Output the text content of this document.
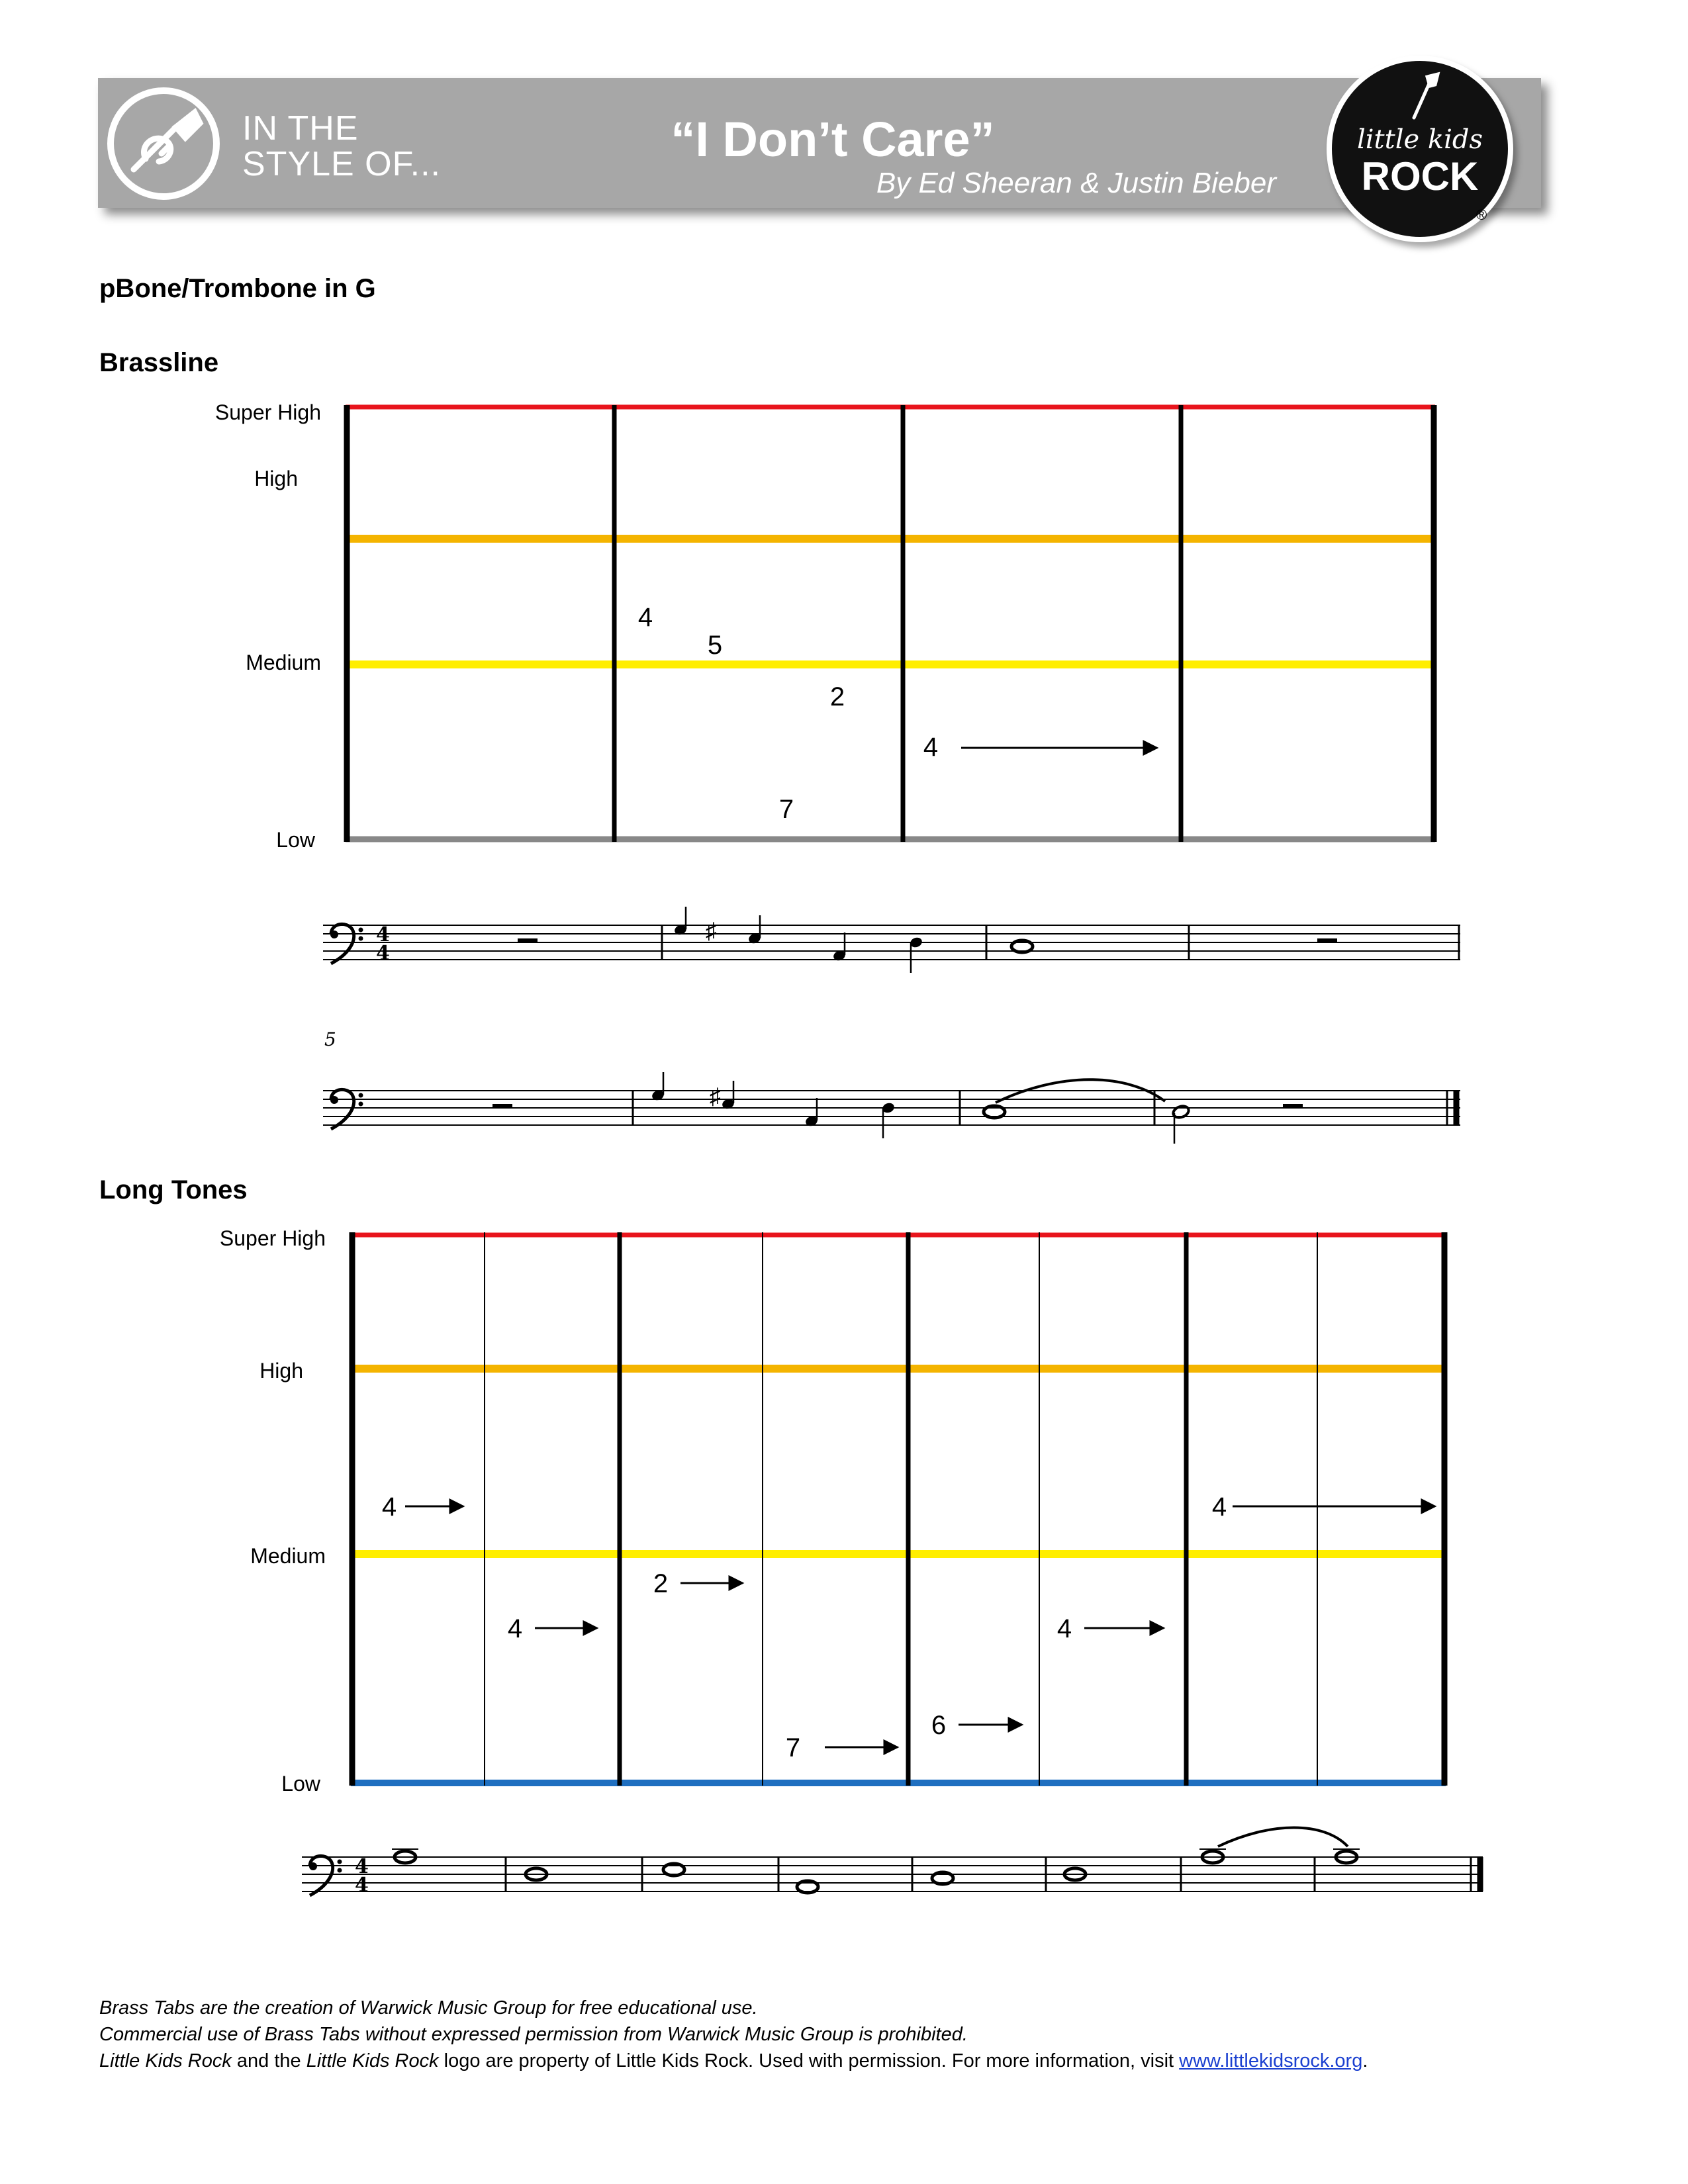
IN THE
STYLE OF...	“I Don’t Care”
By Ed Sheeran & Justin Bieber
little kids
ROCK
®
pBone/Trombone in G
Brassline
Long Tones
Super High
High
Medium
Low
4
5
2
7
4
4
4
♯
5
♯
Super High
High
Medium
Low
4
4
2
7
6
4
4
4
4
Brass Tabs are the creation of Warwick Music Group for free educational use.
Commercial use of Brass Tabs without expressed permission from Warwick Music Group is prohibited.
Little Kids Rock and the Little Kids Rock logo are property of Little Kids Rock. Used with permission. For more information, visit www.littlekidsrock.org.
